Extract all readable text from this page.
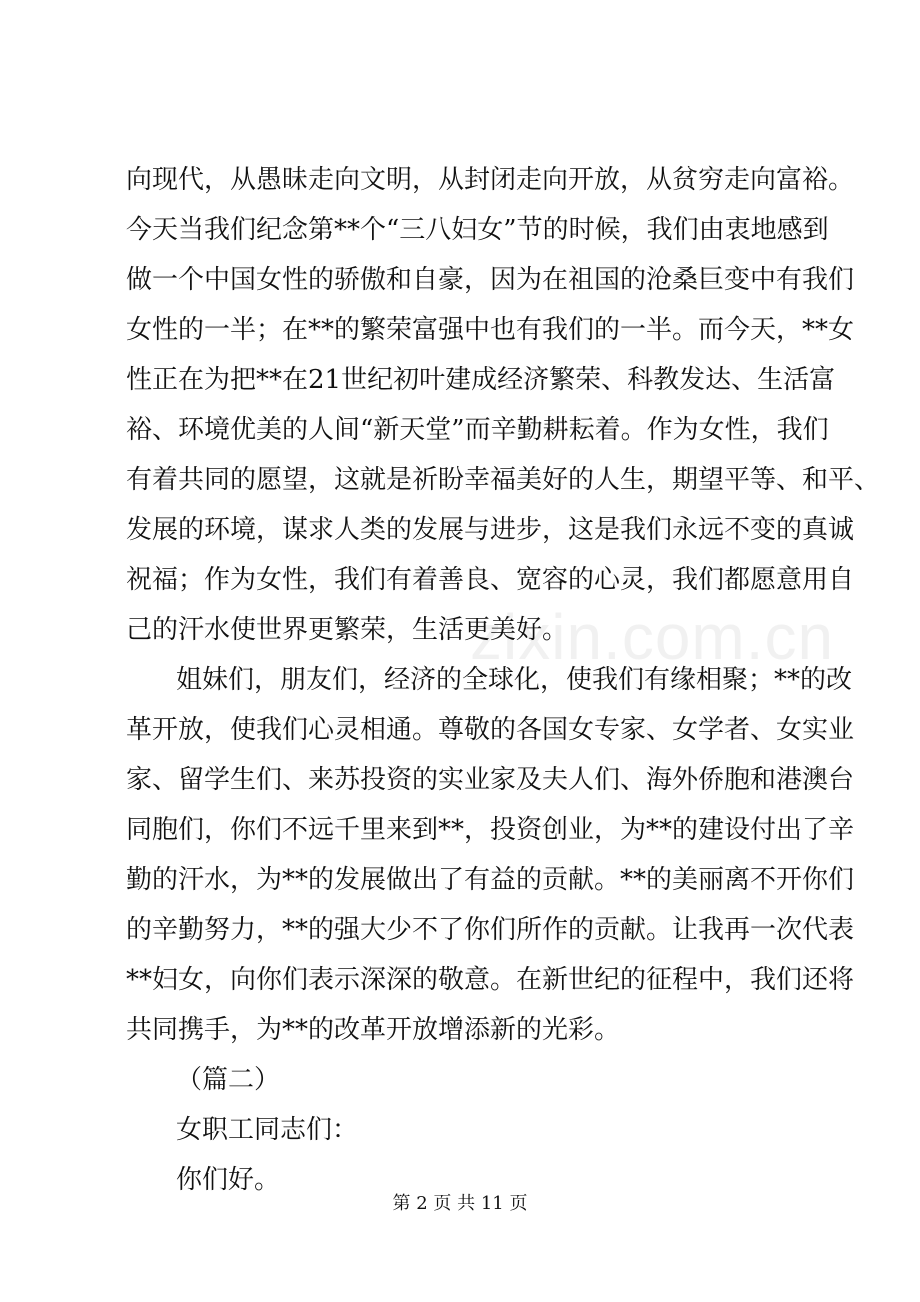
zixin.com.cn
向现代，从愚昧走向文明，从封闭走向开放，从贫穷走向富裕。
今天当我们纪念第**个“三八妇女”节的时候，我们由衷地感到
做一个中国女性的骄傲和自豪，因为在祖国的沧桑巨变中有我们
女性的一半；在**的繁荣富强中也有我们的一半。而今天，**女
性正在为把**在21世纪初叶建成经济繁荣、科教发达、生活富
裕、环境优美的人间“新天堂”而辛勤耕耘着。作为女性，我们
有着共同的愿望，这就是祈盼幸福美好的人生，期望平等、和平、
发展的环境，谋求人类的发展与进步，这是我们永远不变的真诚
祝福；作为女性，我们有着善良、宽容的心灵，我们都愿意用自
己的汗水使世界更繁荣，生活更美好。
姐妹们，朋友们，经济的全球化，使我们有缘相聚；**的改
革开放，使我们心灵相通。尊敬的各国女专家、女学者、女实业
家、留学生们、来苏投资的实业家及夫人们、海外侨胞和港澳台
同胞们，你们不远千里来到**，投资创业，为**的建设付出了辛
勤的汗水，为**的发展做出了有益的贡献。**的美丽离不开你们
的辛勤努力，**的强大少不了你们所作的贡献。让我再一次代表
**妇女，向你们表示深深的敬意。在新世纪的征程中，我们还将
共同携手，为**的改革开放增添新的光彩。
（篇二）
第 2 页 共 11 页
女职工同志们：
你们好。
